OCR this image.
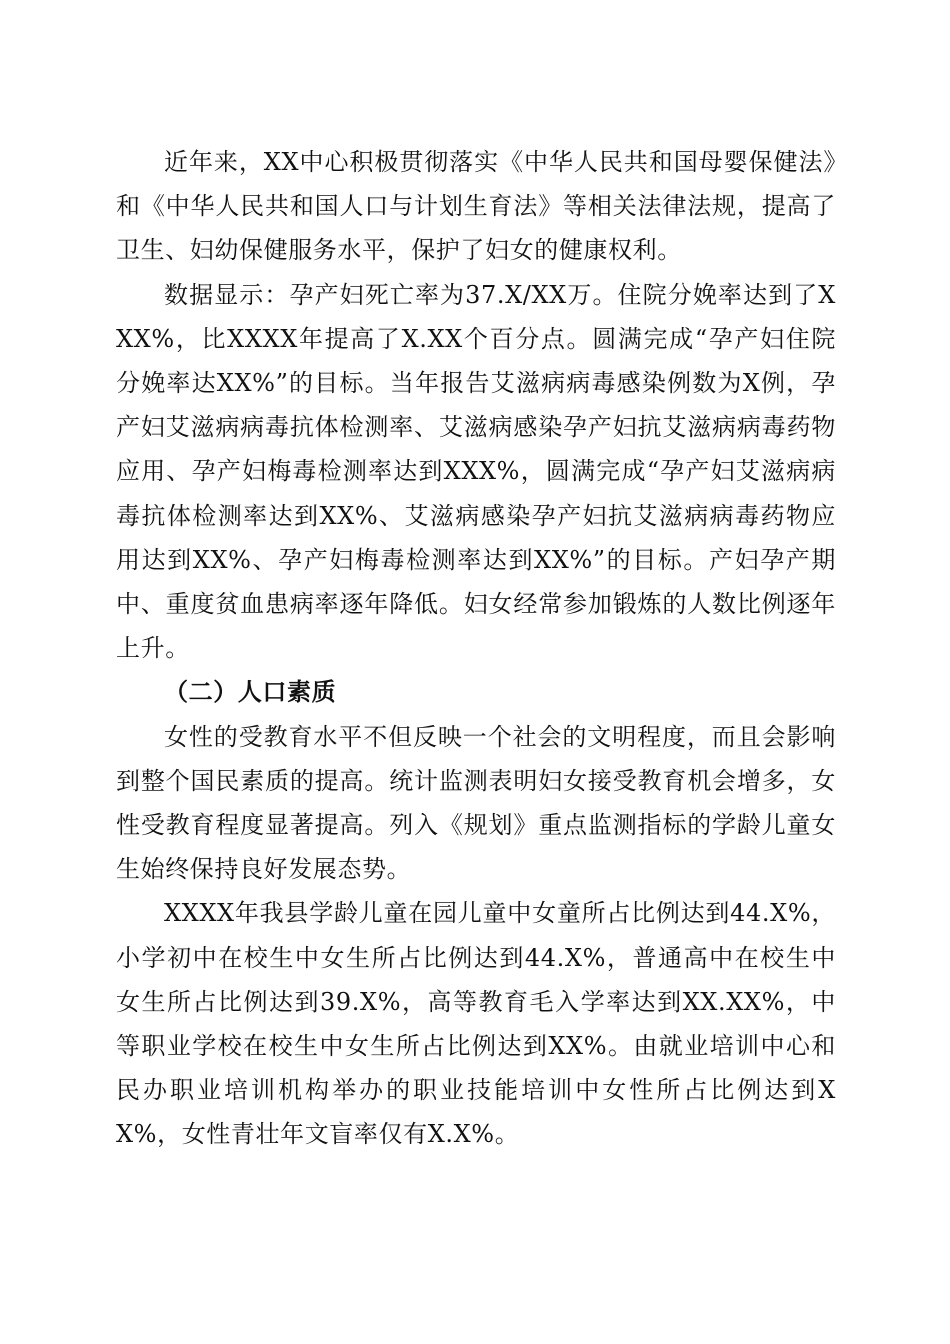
近年来，XX中心积极贯彻落实《中华人民共和国母婴保健法》和《中华人民共和国人口与计划生育法》等相关法律法规，提高了卫生、妇幼保健服务水平，保护了妇女的健康权利。

数据显示：孕产妇死亡率为37.X/XX万。住院分娩率达到了XXX%，比XXXX年提高了X.XX个百分点。圆满完成“孕产妇住院分娩率达XX%”的目标。当年报告艾滋病病毒感染例数为X例，孕产妇艾滋病病毒抗体检测率、艾滋病感染孕产妇抗艾滋病病毒药物应用、孕产妇梅毒检测率达到XXX%，圆满完成“孕产妇艾滋病病毒抗体检测率达到XX%、艾滋病感染孕产妇抗艾滋病病毒药物应用达到XX%、孕产妇梅毒检测率达到XX%”的目标。产妇孕产期中、重度贫血患病率逐年降低。妇女经常参加锻炼的人数比例逐年上升。

（二）人口素质

女性的受教育水平不但反映一个社会的文明程度，而且会影响到整个国民素质的提高。统计监测表明妇女接受教育机会增多，女性受教育程度显著提高。列入《规划》重点监测指标的学龄儿童女生始终保持良好发展态势。

XXXX年我县学龄儿童在园儿童中女童所占比例达到44.X%，小学初中在校生中女生所占比例达到44.X%，普通高中在校生中女生所占比例达到39.X%，高等教育毛入学率达到XX.XX%，中等职业学校在校生中女生所占比例达到XX%。由就业培训中心和民办职业培训机构举办的职业技能培训中女性所占比例达到XX%，女性青壮年文盲率仅有X.X%。
